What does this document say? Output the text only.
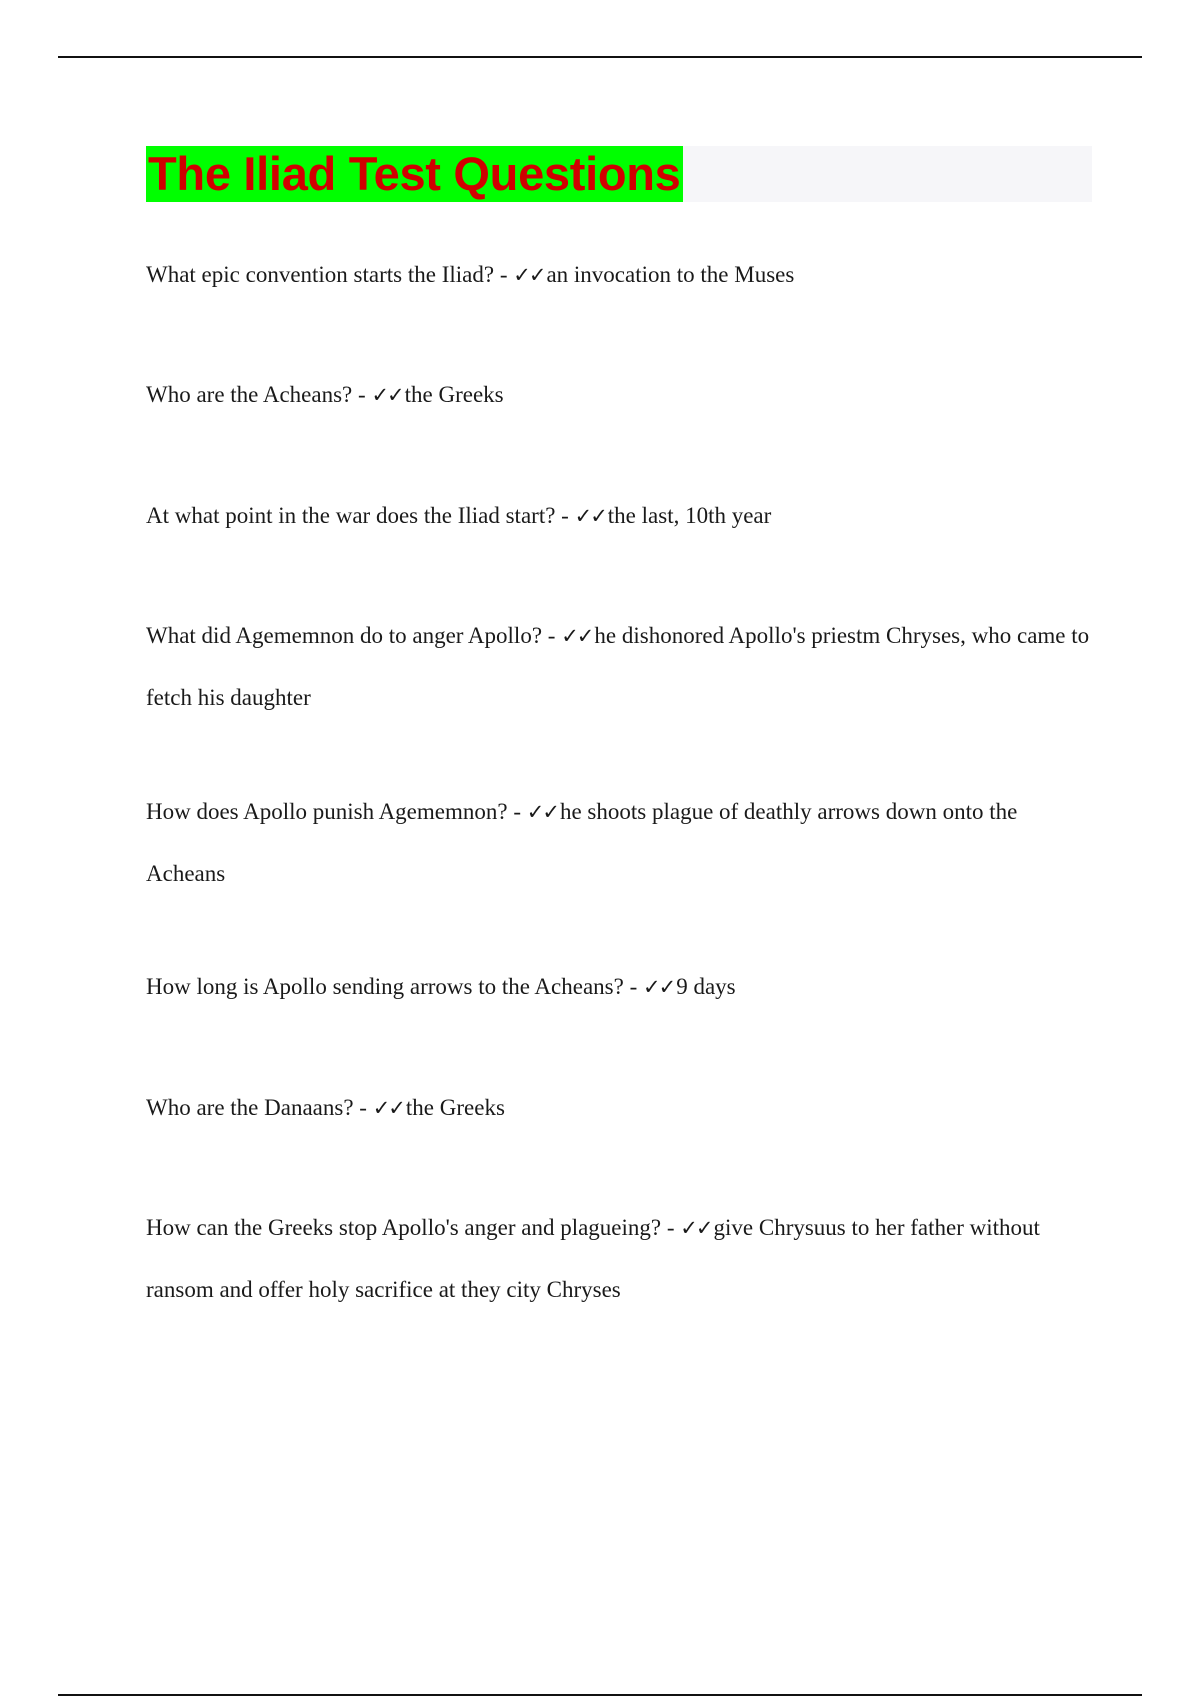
The Iliad Test Questions

What epic convention starts the Iliad? - ✓✓an invocation to the Muses

Who are the Acheans? - ✓✓the Greeks

At what point in the war does the Iliad start? - ✓✓the last, 10th year

What did Agememnon do to anger Apollo? - ✓✓he dishonored Apollo's priestm Chryses, who came to fetch his daughter

How does Apollo punish Agememnon? - ✓✓he shoots plague of deathly arrows down onto the Acheans

How long is Apollo sending arrows to the Acheans? - ✓✓9 days

Who are the Danaans? - ✓✓the Greeks

How can the Greeks stop Apollo's anger and plagueing? - ✓✓give Chrysuus to her father without ransom and offer holy sacrifice at they city Chryses
